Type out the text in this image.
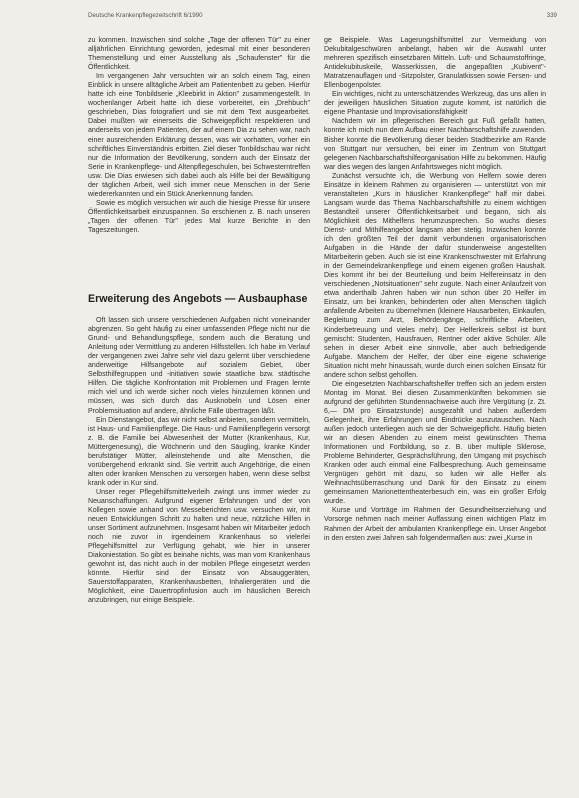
Deutsche Krankenpflegezeitschrift 6/1990	339

zu kommen. Inzwischen sind solche „Tage der offenen Tür" zu einer alljährlichen Einrichtung geworden, jedesmal mit einer besonderen Themenstellung und einer Ausstellung als „Schaufenster" für die Öffentlichkeit.

Im vergangenen Jahr versuchten wir an solch einem Tag, einen Einblick in unsere alltägliche Arbeit am Patientenbett zu geben. Hierfür hatte ich eine Tonbildserie „Kleebirkt in Aktion" zusammengestellt. In wochenlanger Arbeit hatte ich diese vorbereitet, ein „Drehbuch" geschrieben, Dias fotografiert und sie mit dem Text ausgearbeitet. Dabei mußten wir einerseits die Schweigepflicht respektieren und anderseits von jedem Patienten, der auf einem Dia zu sehen war, nach einer ausreichenden Erklärung dessen, was wir vorhatten, vorher ein schriftliches Einverständnis erbitten. Ziel dieser Tonbildschau war nicht nur die Information der Bevölkerung, sondern auch der Einsatz der Serie in Krankenpflege- und Altenpflegeschulen, bei Schwesterntreffen usw. Die Dias erwiesen sich dabei auch als Hilfe bei der Bewältigung der täglichen Arbeit, weil sich immer neue Menschen in der Serie wiedererkannten und ein Stück Anerkennung fanden.

Sowie es möglich versuchen wir auch die hiesige Presse für unsere Öffentlichkeitsarbeit einzuspannen. So erschienen z. B. nach unseren „Tagen der offenen Tür" jedes Mal kurze Berichte in den Tageszeitungen.

Erweiterung des Angebots — Ausbauphase

Oft lassen sich unsere verschiedenen Aufgaben nicht voneinander abgrenzen. So geht häufig zu einer umfassenden Pflege nicht nur die Grund- und Behandlungspflege, sondern auch die Beratung und Anleitung oder Vermittlung zu anderen Hilfsstellen. Ich habe im Verlauf der vergangenen zwei Jahre sehr viel dazu gelernt über verschiedene anderweitige Hilfsangebote auf sozialem Gebiet, über Selbsthilfegruppen und -initiativen sowie staatliche bzw. städtische Hilfen. Die tägliche Konfrontation mit Problemen und Fragen lernte mich viel und ich werde sicher noch vieles hinzulernen können und müssen, was sich durch das Ausknobeln und Lösen einer Problemsituation auf andere, ähnliche Fälle übertragen läßt.

Ein Dienstangebot, das wir nicht selbst anbieten, sondern vermitteln, ist Haus- und Familienpflege. Die Haus- und Familienpflegerin versorgt z. B. die Familie bei Abwesenheit der Mutter (Krankenhaus, Kur, Müttergenesung), die Wöchnerin und den Säugling, kranke Kinder berufstätiger Mütter, alleinstehende und alte Menschen, die vorübergehend erkrankt sind. Sie vertritt auch Angehörige, die einen alten oder kranken Menschen zu versorgen haben, wenn diese selbst krank oder in Kur sind.

Unser reger Pflegehilfsmittelverleih zwingt uns immer wieder zu Neuanschaffungen. Aufgrund eigener Erfahrungen und der von Kollegen sowie anhand von Messeberichten usw. versuchen wir, mit neuen Entwicklungen Schritt zu halten und neue, nützliche Hilfen in unser Sortiment aufzunehmen. Insgesamt haben wir Mitarbeiter jedoch noch nie zuvor in irgendeinem Krankenhaus so vielerlei Pflegehilfsmittel zur Verfügung gehabt, wie hier in unserer Diakoniestation. So gibt es beinahe nichts, was man vom Krankenhaus gewohnt ist, das nicht auch in der mobilen Pflege eingesetzt werden könnte. Hierfür sind der Einsatz von Absauggeräten, Sauerstoffapparaten, Krankenhausbetten, Inhaliergeräten und die Möglichkeit, eine Dauertropfinfusion auch im häuslichen Bereich anzubringen, nur einige Beispiele.

ge Beispiele. Was Lagerungshilfsmittel zur Vermeidung von Dekubitalgeschwüren anbelangt, haben wir die Auswahl unter mehreren spezifisch einsetzbaren Mitteln. Luft- und Schaumstoffringe, Antidekubituskeile, Wasserkissen, die angepaßten „Kubivent"-Matratzenauflagen und -Sitzpolster, Granulatkissen sowie Fersen- und Ellenbogenpolster.

Ein wichtiges, nicht zu unterschätzendes Werkzeug, das uns allen in der jeweiligen häuslichen Situation zugute kommt, ist natürlich die eigene Phantasie und Improvisationsfähigkeit!

Nachdem wir im pflegerischen Bereich gut Fuß gefaßt hatten, konnte ich mich nun dem Aufbau einer Nachbarschaftshilfe zuwenden. Bisher konnte die Bevölkerung dieser beiden Stadtbezirke am Rande von Stuttgart nur versuchen, bei einer im Zentrum von Stuttgart gelegenen Nachbarschaftshilfeorganisation Hilfe zu bekommen. Häufig war dies wegen des langen Anfahrtsweges nicht möglich.

Zunächst versuchte ich, die Werbung von Helfern sowie deren Einsätze in kleinem Rahmen zu organisieren — unterstützt von mir veranstalteten „Kurs in häuslicher Krankenpflege" half mir dabei. Langsam wurde das Thema Nachbarschaftshilfe zu einem wichtigen Bestandteil unserer Öffentlichkeitsarbeit und begann, sich als Möglichkeit des Mithelfens herumzusprechen. So wuchs dieses Dienst- und Mithilfeangebot langsam aber stetig. Inzwischen konnte ich den größten Teil der damit verbundenen organisatorischen Aufgaben in die Hände der dafür stundenweise angestellten Mitarbeiterin geben. Auch sie ist eine Krankenschwester mit Erfahrung in der Gemeindekrankenpflege und einem eigenen großen Haushalt. Dies kommt ihr bei der Beurteilung und beim Helfereinsatz in den verschiedenen „Notsituationen" sehr zugute. Nach einer Anlaufzeit von etwa anderthalb Jahren haben wir nun schon über 20 Helfer im Einsatz, um bei kranken, behinderten oder alten Menschen täglich anfallende Arbeiten zu übernehmen (kleinere Hausarbeiten, Einkaufen, Begleitung zum Arzt, Behördengänge, schriftliche Arbeiten, Kinderbetreuung und vieles mehr). Der Helferkreis selbst ist bunt gemischt: Studenten, Hausfrauen, Rentner oder aktive Schüler. Alle sehen in dieser Arbeit eine sinnvolle, aber auch befriedigende Aufgabe. Manchem der Helfer, der über eine eigene schwierige Situation nicht mehr hinaussah, wurde durch einen solchen Einsatz für andere schon selbst geholfen.

Die eingesetzten Nachbarschaftshelfer treffen sich an jedem ersten Montag im Monat. Bei diesen Zusammenkünften bekommen sie aufgrund der geführten Stundennachweise auch ihre Vergütung (z. Zt. 6,— DM pro Einsatzstunde) ausgezahlt und haben außerdem Gelegenheit, ihre Erfahrungen und Eindrücke auszutauschen. Nach außen jedoch unterliegen auch sie der Schweigepflicht. Häufig bieten wir an diesen Abenden zu einem meist gewünschten Thema Informationen und Fortbildung, so z. B. über multiple Sklerose, Probleme Behinderter, Gesprächsführung, den Umgang mit psychisch Kranken oder auch einmal eine Fallbesprechung. Auch gemeinsame Vergnügen gehört mit dazu, so luden wir alle Helfer als Weihnachtsüberraschung und Dank für den Einsatz zu einem gemeinsamen Marionettentheaterbesuch ein, was ein großer Erfolg wurde.

Kurse und Vorträge im Rahmen der Gesundheitserziehung und Vorsorge nehmen nach meiner Auffassung einen wichtigen Platz im Rahmen der Arbeit der ambulanten Krankenpflege ein. Unser Angebot in den ersten zwei Jahren sah folgendermaßen aus: zwei „Kurse in
